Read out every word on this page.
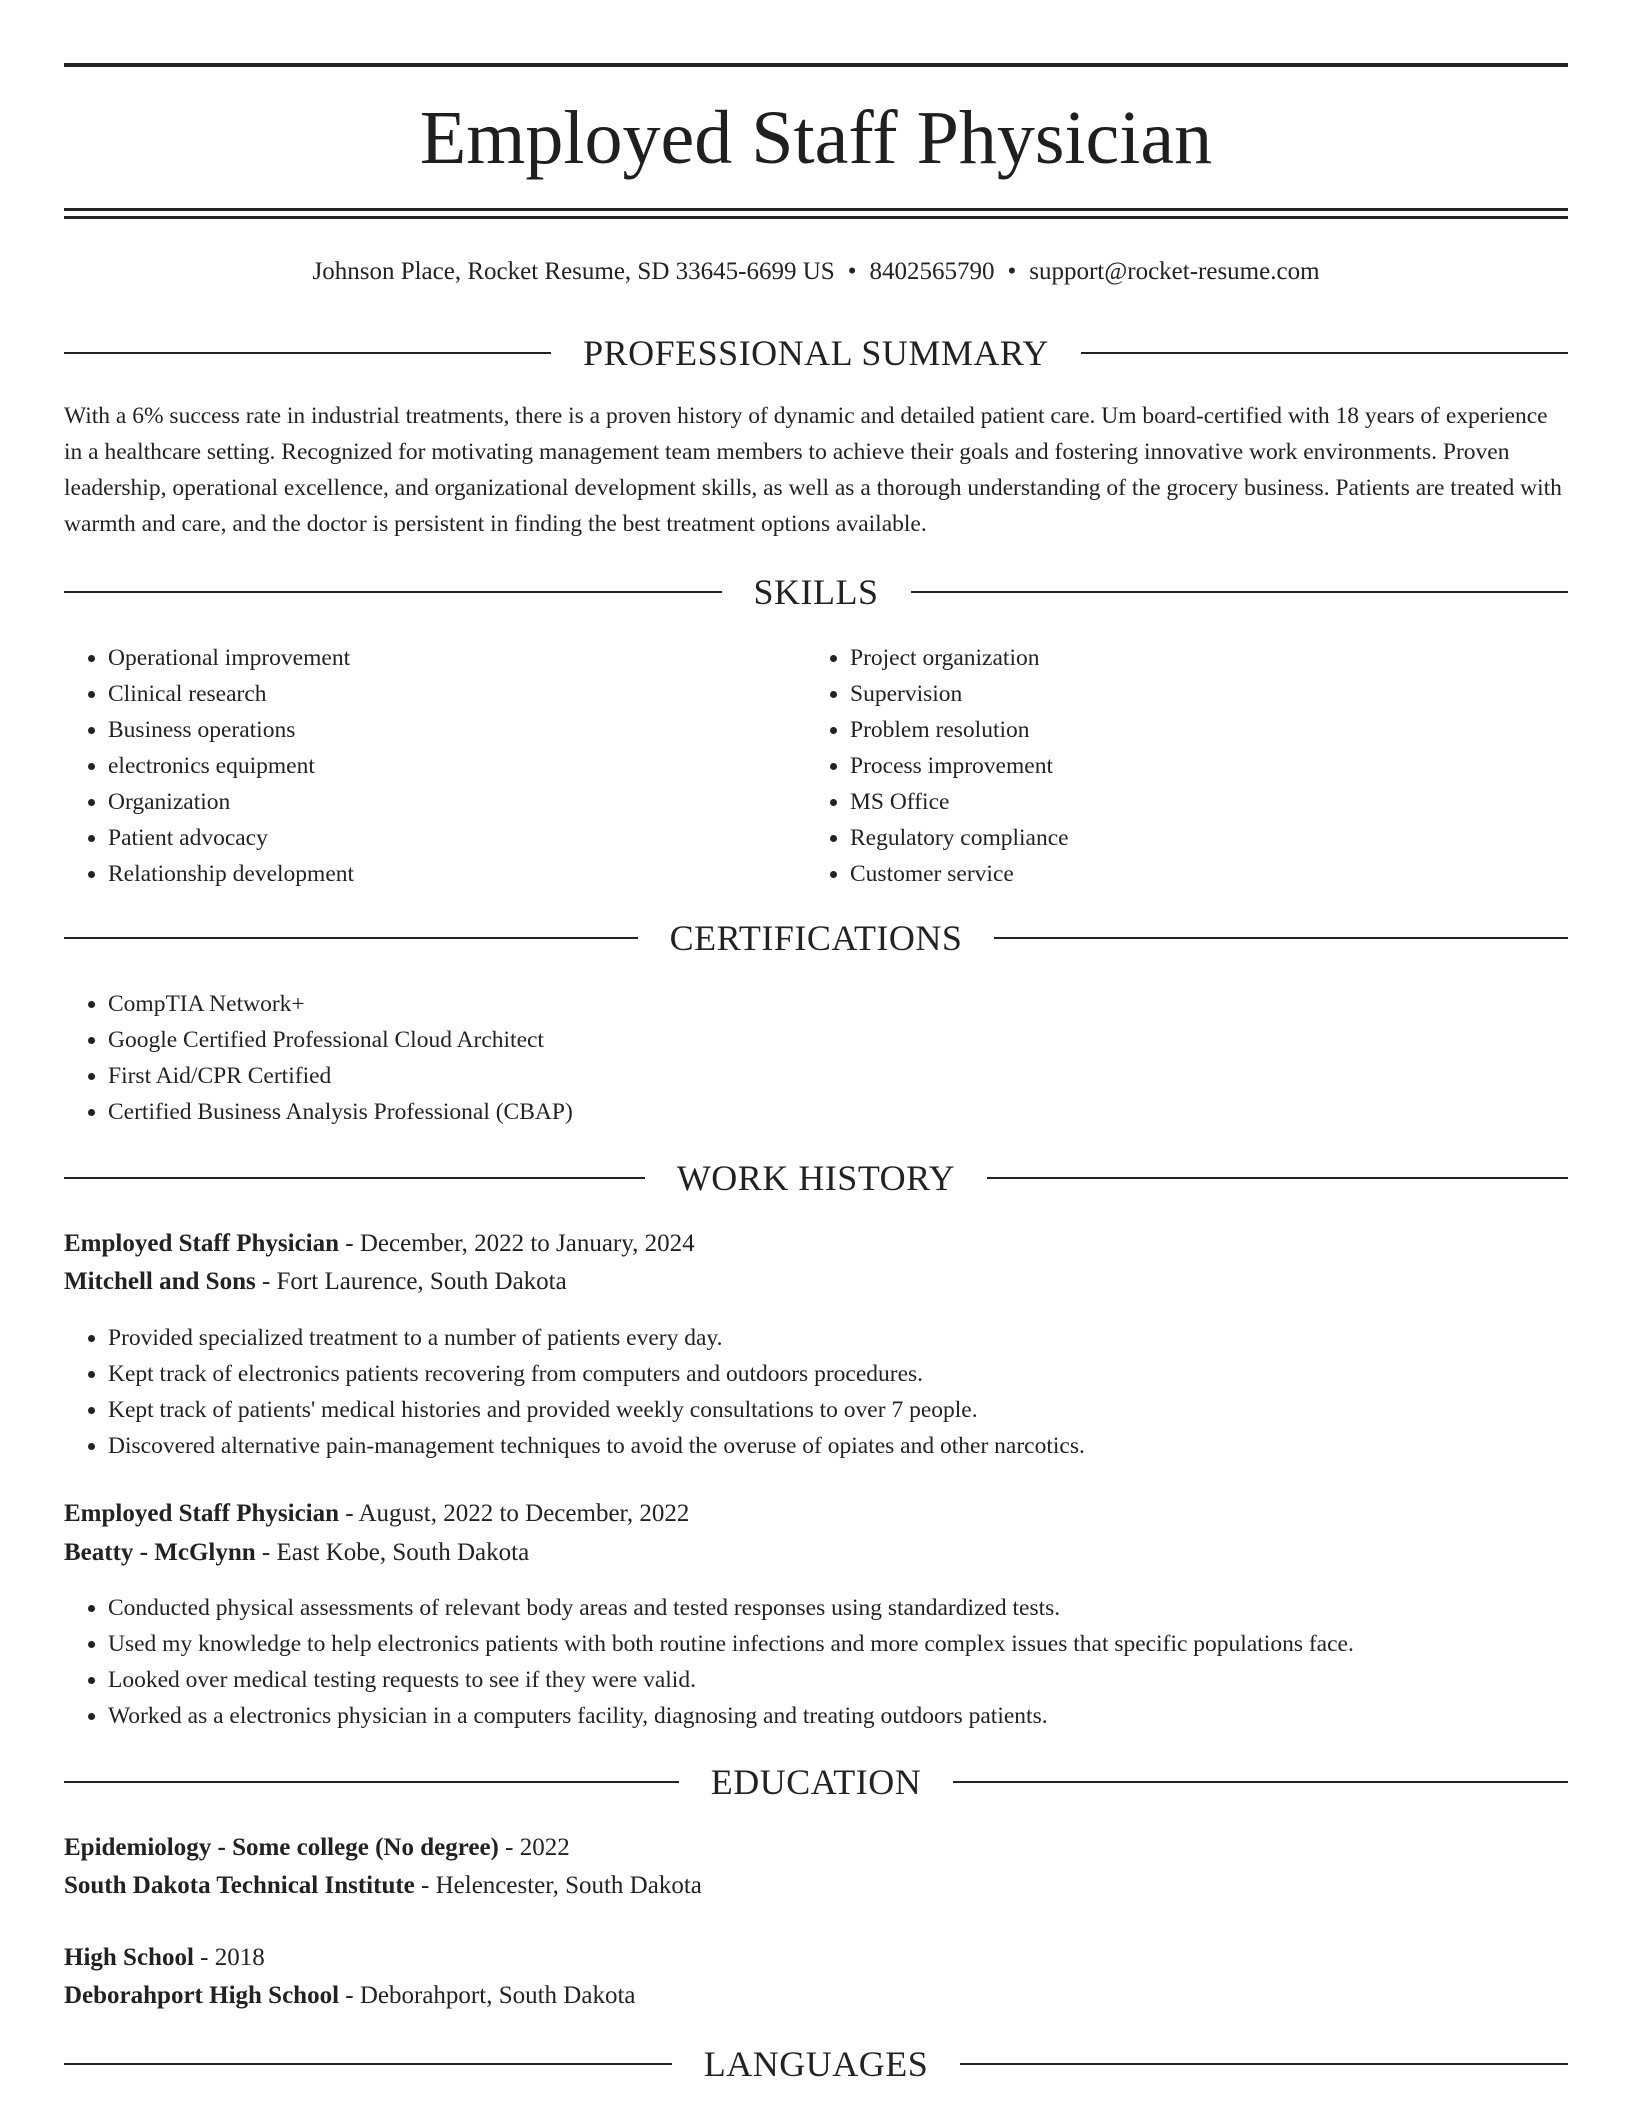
Employed Staff Physician
Johnson Place, Rocket Resume, SD 33645-6699 US • 8402565790 • support@rocket-resume.com
PROFESSIONAL SUMMARY

With a 6% success rate in industrial treatments, there is a proven history of dynamic and detailed patient care. Um board-certified with 18 years of experience in a healthcare setting. Recognized for motivating management team members to achieve their goals and fostering innovative work environments. Proven leadership, operational excellence, and organizational development skills, as well as a thorough understanding of the grocery business. Patients are treated with warmth and care, and the doctor is persistent in finding the best treatment options available.

SKILLS
• Operational improvement
• Clinical research
• Business operations
• electronics equipment
• Organization
• Patient advocacy
• Relationship development
• Project organization
• Supervision
• Problem resolution
• Process improvement
• MS Office
• Regulatory compliance
• Customer service
CERTIFICATIONS
• CompTIA Network+
• Google Certified Professional Cloud Architect
• First Aid/CPR Certified
• Certified Business Analysis Professional (CBAP)
WORK HISTORY
Employed Staff Physician - December, 2022 to January, 2024
Mitchell and Sons - Fort Laurence, South Dakota
• Provided specialized treatment to a number of patients every day.
• Kept track of electronics patients recovering from computers and outdoors procedures.
• Kept track of patients' medical histories and provided weekly consultations to over 7 people.
• Discovered alternative pain-management techniques to avoid the overuse of opiates and other narcotics.
Employed Staff Physician - August, 2022 to December, 2022
Beatty - McGlynn - East Kobe, South Dakota
• Conducted physical assessments of relevant body areas and tested responses using standardized tests.
• Used my knowledge to help electronics patients with both routine infections and more complex issues that specific populations face.
• Looked over medical testing requests to see if they were valid.
• Worked as a electronics physician in a computers facility, diagnosing and treating outdoors patients.
EDUCATION
Epidemiology - Some college (No degree) - 2022
South Dakota Technical Institute - Helencester, South Dakota
High School - 2018
Deborahport High School - Deborahport, South Dakota
LANGUAGES
